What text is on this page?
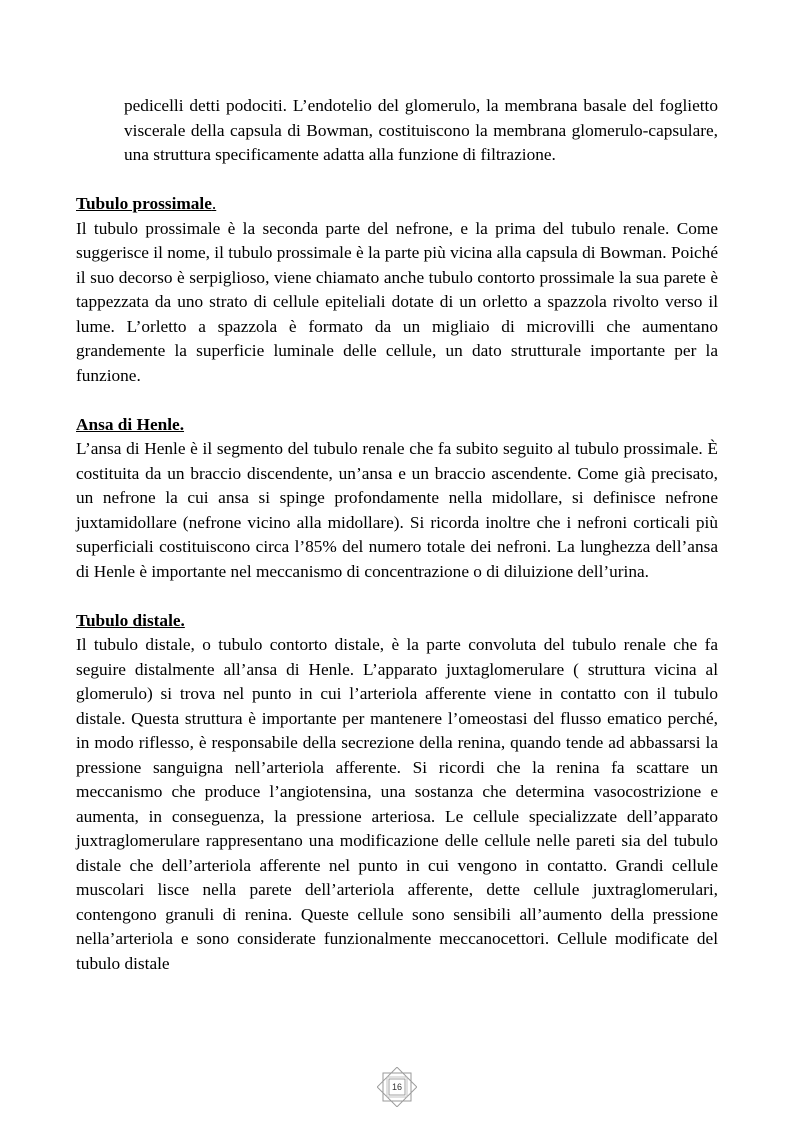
pedicelli detti podociti. L’endotelio del glomerulo, la membrana basale del foglietto viscerale della capsula di Bowman, costituiscono la membrana glomerulo-capsulare, una struttura specificamente adatta alla funzione di filtrazione.

Tubulo prossimale.

Il tubulo prossimale è la seconda parte del nefrone, e la prima del tubulo renale. Come suggerisce il nome, il tubulo prossimale è la parte più vicina alla capsula di Bowman. Poiché il suo decorso è serpiglioso, viene chiamato anche tubulo contorto prossimale la sua parete è tappezzata da uno strato di cellule epiteliali dotate di un orletto a spazzola rivolto verso il lume. L’orletto a spazzola è formato da un migliaio di microvilli che aumentano grandemente la superficie luminale delle cellule, un dato strutturale importante per la funzione.

Ansa di Henle.

L’ansa di Henle è il segmento del tubulo renale che fa subito seguito al tubulo prossimale. È costituita da un braccio discendente, un’ansa e un braccio ascendente. Come già precisato, un nefrone la cui ansa si spinge profondamente nella midollare, si definisce nefrone juxtamidollare (nefrone vicino alla midollare). Si ricorda inoltre che i nefroni corticali più superficiali costituiscono circa l’85% del numero totale dei nefroni. La lunghezza dell’ansa di Henle è importante nel meccanismo di concentrazione o di diluizione dell’urina.

Tubulo distale.

Il tubulo distale, o tubulo contorto distale, è la parte convoluta del tubulo renale che fa seguire distalmente all’ansa di Henle. L’apparato juxtaglomerulare ( struttura vicina al glomerulo) si trova nel punto in cui l’arteriola afferente viene in contatto con il tubulo distale. Questa struttura è importante per mantenere l’omeostasi del flusso ematico perché, in modo riflesso, è responsabile della secrezione della renina, quando tende ad abbassarsi la pressione sanguigna nell’arteriola afferente. Si ricordi che la renina fa scattare un meccanismo che produce l’angiotensina, una sostanza che determina vasocostrizione e aumenta, in conseguenza, la pressione arteriosa. Le cellule specializzate dell’apparato juxtraglomerulare rappresentano una modificazione delle cellule nelle pareti sia del tubulo distale che dell’arteriola afferente nel punto in cui vengono in contatto. Grandi cellule muscolari lisce nella parete dell’arteriola afferente, dette cellule juxtraglomerulari, contengono granuli di renina. Queste cellule sono sensibili all’aumento della pressione nella’arteriola e sono considerate funzionalmente meccanocettori. Cellule modificate del tubulo distale

16
